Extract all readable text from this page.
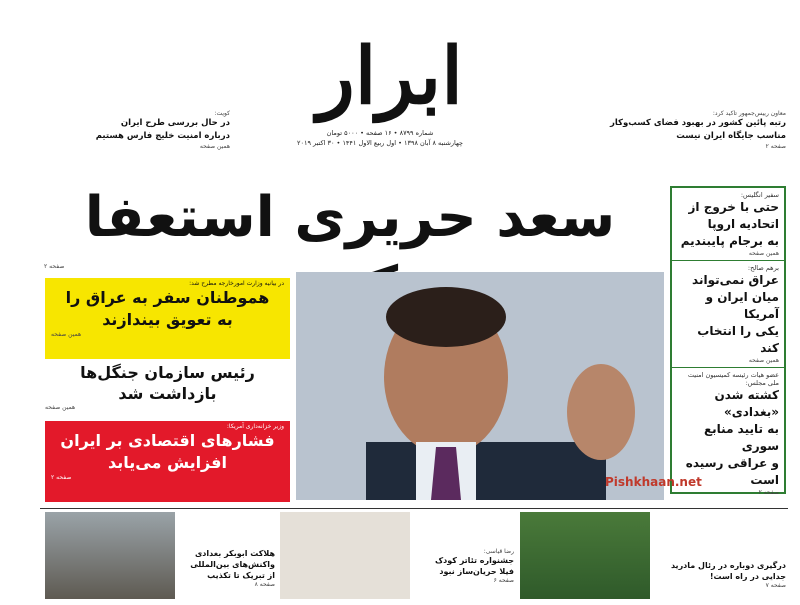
ابرار
شماره ۸۷۹۹ • ۱۶ صفحه • ۵۰۰۰ تومان
چهارشنبه ۸ آبان ۱۳۹۸ • اول ربیع الاول ۱۴۴۱ • ۳۰ اکتبر ۲۰۱۹
معاون رییس‌جمهور تاکید کرد:
رتبه پائین کشور در بهبود فضای کسب‌وکار
مناسب جایگاه ایران نیست
صفحه ۲
کویت:
در حال بررسی طرح ایران
درباره امنیت خلیج فارس هستیم
همین صفحه
سعد حریری استعفا
صفحه ۲
سفیر انگلیس:
حتی با خروج از
اتحادیه اروپا
به برجام پایبندیم
همین صفحه
برهم صالح:
عراق نمی‌تواند
میان ایران و آمریکا
یکی را انتخاب کند
همین صفحه
عضو هیات رئیسه کمیسیون امنیت ملی مجلس:
کشته شدن «بغدادی»
به تایید منابع سوری
و عراقی رسیده است
صفحه ۲
در بیانیه وزارت امورخارجه مطرح شد:
هموطنان سفر به عراق را
به تعویق بیندازند
همین صفحه
رئیس سازمان جنگل‌ها
بازداشت شد
همین صفحه
وزیر خزانه‌داری آمریکا:
فشارهای اقتصادی بر ایران
افزایش می‌یابد
صفحه ۲	Pishkhaan.net
درگیری دوباره در رئال مادرید
جدایی در راه است!
صفحه ۷
رضا قیاسی:
جشنواره تئاتر کودک
فیلا حریان‌ساز نبود
صفحه ۶
هلاکت ابوبکر بغدادی
واکنش‌های بین‌المللی
از تبریک تا تکذیب
صفحه ۸
